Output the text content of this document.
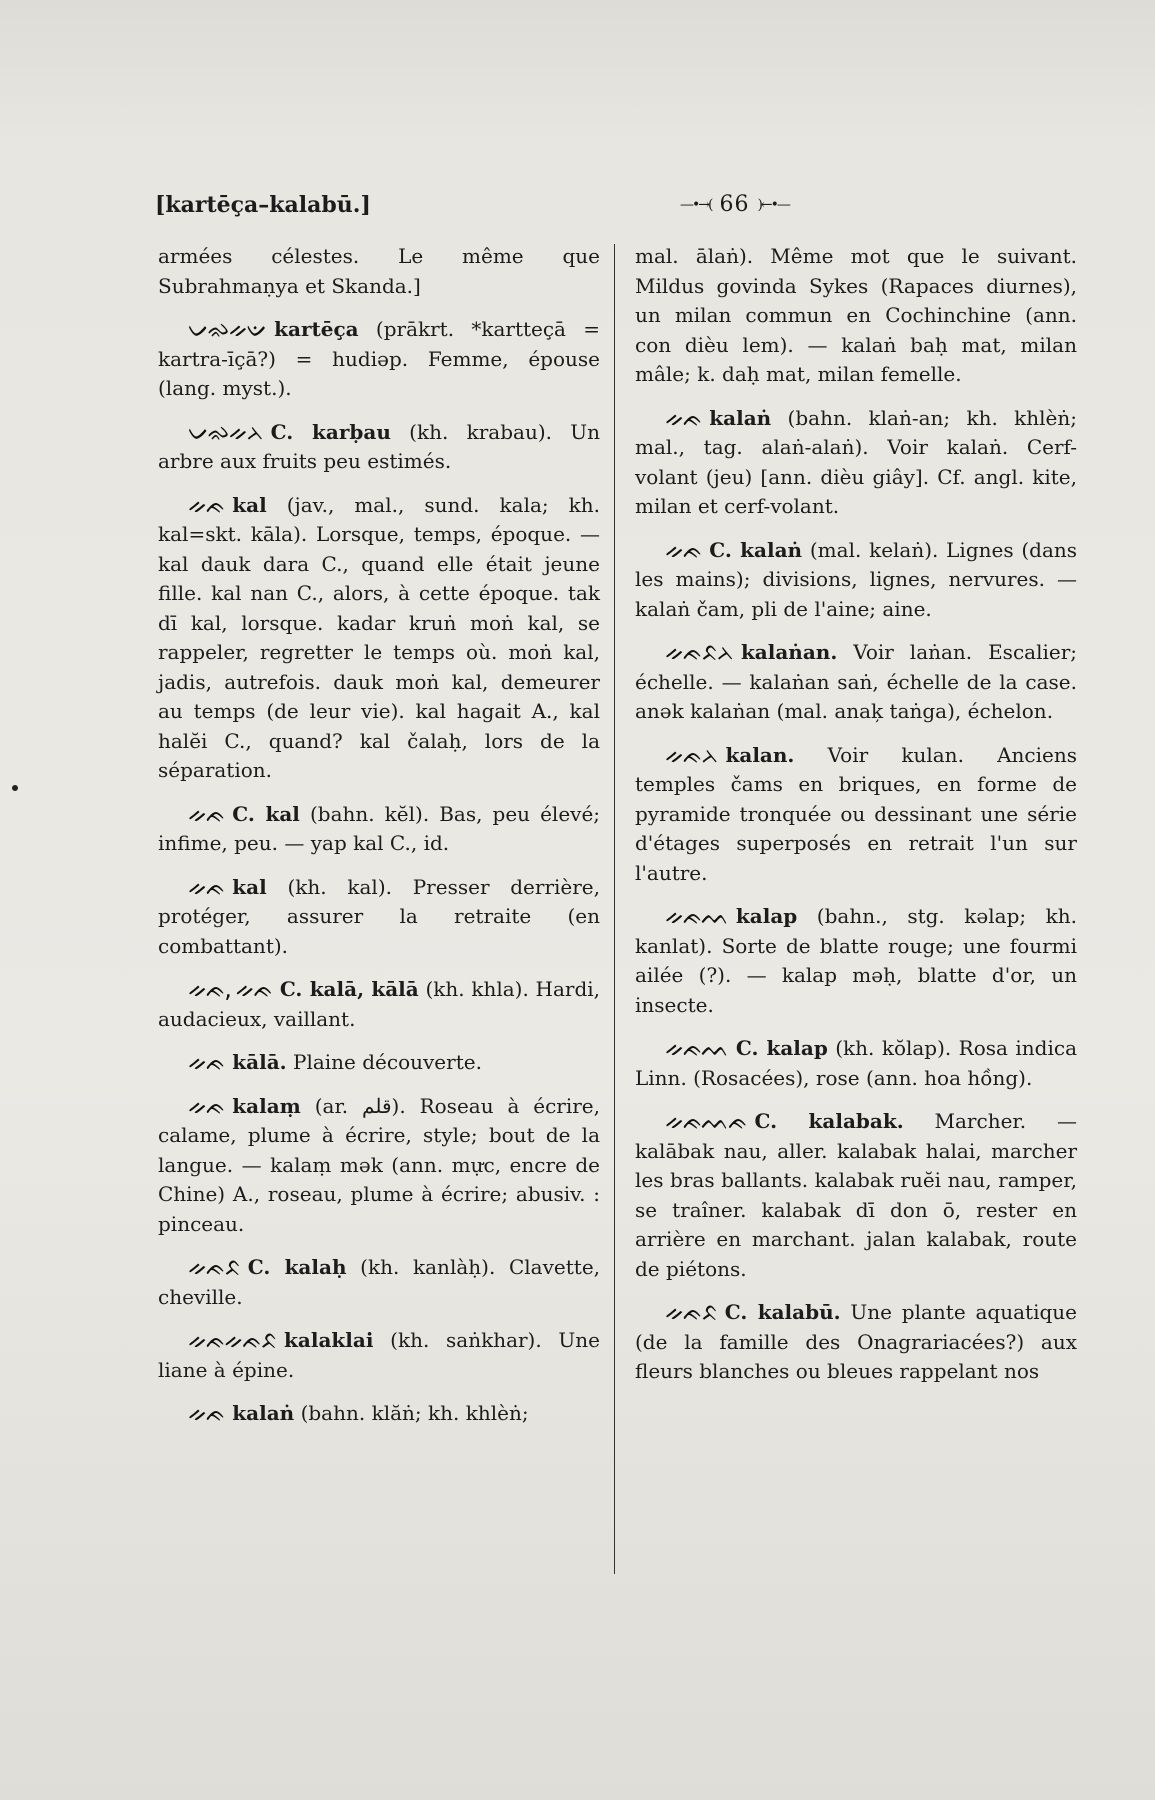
[kartēça–kalabū.]	—•→( 66 )←•—

armées célestes. Le même que Subrahmaṇya et Skanda.]

ᨆᨋᨀᨉ kartēça (prākrt. *kartteçā = kartra-īçā?) = hudiəp. Femme, épouse (lang. myst.).

ᨆᨋᨀᨂ C. karḅau (kh. krabau). Un arbre aux fruits peu estimés.

ᨀᨃ kal (jav., mal., sund. kala; kh. kal=skt. kāla). Lorsque, temps, époque. — kal dauk dara C., quand elle était jeune fille. kal nan C., alors, à cette époque. tak dī kal, lorsque. kadar kruṅ moṅ kal, se rappeler, regretter le temps où. moṅ kal, jadis, autrefois. dauk moṅ kal, demeurer au temps (de leur vie). kal hagait A., kal halĕi C., quand? kal čalaḥ, lors de la séparation.

ᨀᨃ C. kal (bahn. kĕl). Bas, peu élevé; infime, peu. — yap kal C., id.

ᨀᨃ kal (kh. kal). Presser derrière, protéger, assurer la retraite (en combattant).

ᨀᨃ, ᨀᨃ C. kalā, kālā (kh. khla). Hardi, audacieux, vaillant.

ᨀᨃ kālā. Plaine découverte.

ᨀᨃ kalaṃ (ar. قلم). Roseau à écrire, calame, plume à écrire, style; bout de la langue. — kalaṃ mək (ann. mực, encre de Chine) A., roseau, plume à écrire; abusiv. : pinceau.

ᨀᨃᨅ C. kalaḥ (kh. kanlàḥ). Clavette, cheville.

ᨀᨃᨀᨃᨅ kalaklai (kh. saṅkhar). Une liane à épine.

ᨀᨃ kalaṅ (bahn. klăṅ; kh. khlèṅ;

mal. ālaṅ). Même mot que le suivant. Mildus govinda Sykes (Rapaces diurnes), un milan commun en Cochinchine (ann. con dièu lem). — kalaṅ baḥ mat, milan mâle; k. daḥ mat, milan femelle.

ᨀᨃ kalaṅ (bahn. klaṅ-an; kh. khlèṅ; mal., tag. alaṅ-alaṅ). Voir kalaṅ. Cerf-volant (jeu) [ann. dièu giây]. Cf. angl. kite, milan et cerf-volant.

ᨀᨃ C. kalaṅ (mal. kelaṅ). Lignes (dans les mains); divisions, lignes, nervures. — kalaṅ čam, pli de l'aine; aine.

ᨀᨃᨅᨂ kalaṅan. Voir laṅan. Escalier; échelle. — kalaṅan saṅ, échelle de la case. anək kalaṅan (mal. anak̦ taṅga), échelon.

ᨀᨃᨂ kalan. Voir kulan. Anciens temples čams en briques, en forme de pyramide tronquée ou dessinant une série d'étages superposés en retrait l'un sur l'autre.

ᨀᨃᨓ kalap (bahn., stg. kəlap; kh. kanlat). Sorte de blatte rouge; une fourmi ailée (?). — kalap məḥ, blatte d'or, un insecte.

ᨀᨃᨓ C. kalap (kh. kŏlap). Rosa indica Linn. (Rosacées), rose (ann. hoa hồng).

ᨀᨃᨓᨃ C. kalabak. Marcher. — kalābak nau, aller. kalabak halai, marcher les bras ballants. kalabak ruĕi nau, ramper, se traîner. kalabak dī don ō, rester en arrière en marchant. jalan kalabak, route de piétons.

ᨀᨃᨅ C. kalabū. Une plante aquatique (de la famille des Onagrariacées?) aux fleurs blanches ou bleues rappelant nos
